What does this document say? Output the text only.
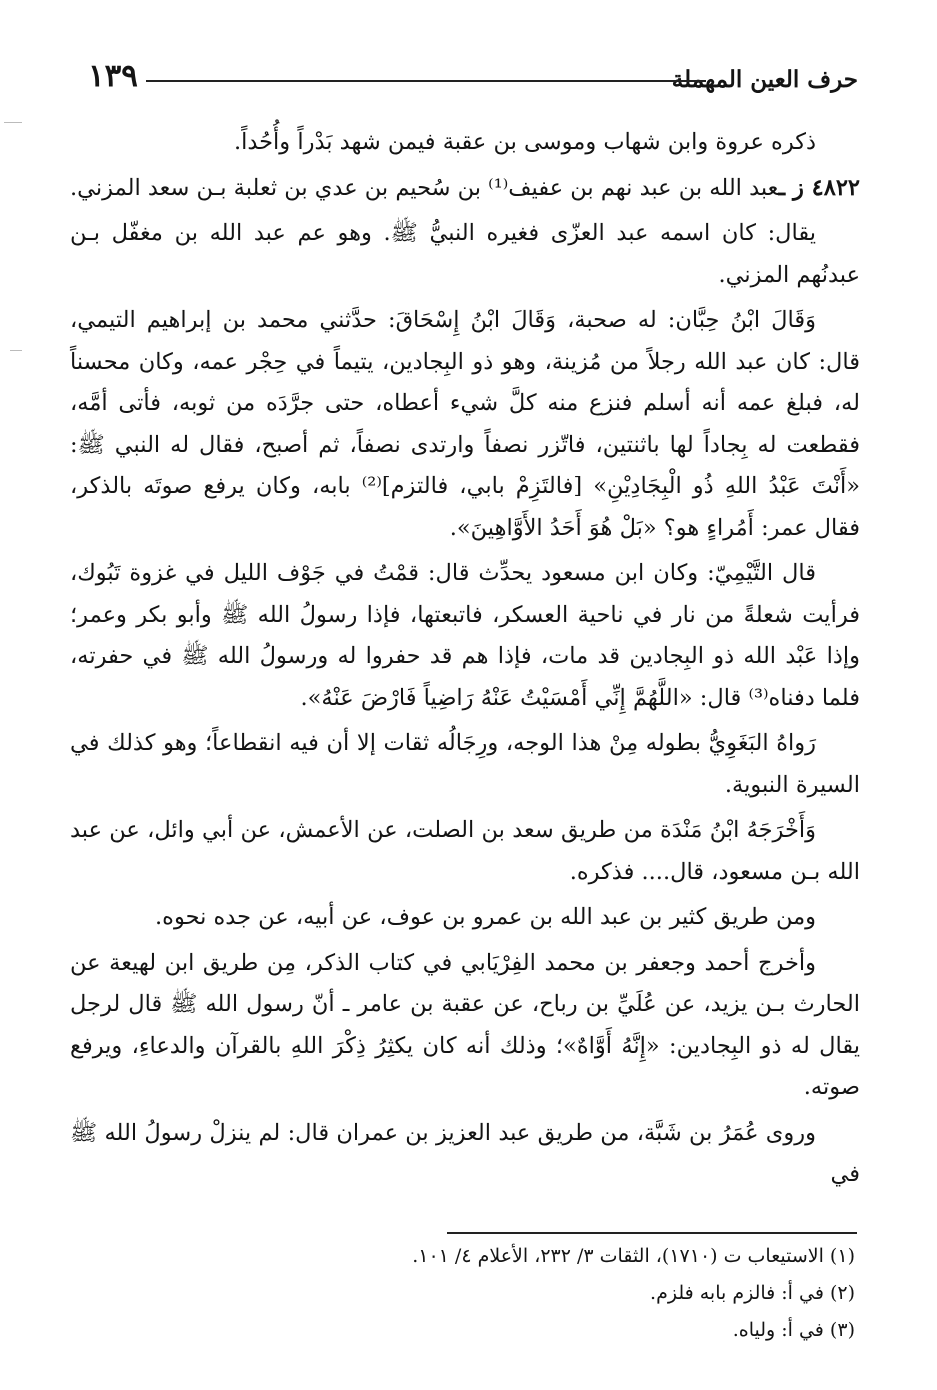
حرف العين المهملة
١٣٩

ذكره عروة وابن شهاب وموسى بن عقبة فيمن شهد بَدْراً وأُحُداً.

٤٨٢٢ ز ـعبد الله بن عبد نهم بن عفيف⁽¹⁾ بن سُحيم بن عدي بن ثعلبة بـن سعد المزني.

يقال: كان اسمه عبد العزّى فغيره النبيُّ ﷺ. وهو عم عبد الله بن مغفّل بـن عبدنُهم المزني.

وَقَالَ ابْنُ حِبَّان: له صحبة، وَقَالَ ابْنُ إِسْحَاقَ: حدَّثني محمد بن إبراهيم التيمي، قال: كان عبد الله رجلاً من مُزينة، وهو ذو البِجادين، يتيماً في حِجْر عمه، وكان محسناً له، فبلغ عمه أنه أسلم فنزع منه كلَّ شيء أعطاه، حتى جرَّدَه من ثوبه، فأتى أمَّه، فقطعت له بِجاداً لها باثنتين، فاتّزر نصفاً وارتدى نصفاً، ثم أصبح، فقال له النبي ﷺ: «أَنْتَ عَبْدُ اللهِ ذُو الْبِجَادِيْنِ» [فالتَزِمْ بابي، فالتزم]⁽²⁾ بابه، وكان يرفع صوتَه بالذكر، فقال عمر: أَمُراءٍ هو؟ «بَلْ هُوَ أَحَدُ الأَوَّاهِينَ».

قال التَّيْمِيّ: وكان ابن مسعود يحدِّث قال: قمْتُ في جَوْف الليل في غزوة تَبُوك، فرأيت شعلةً من نار في ناحية العسكر، فاتبعتها، فإذا رسولُ الله ﷺ وأبو بكر وعمر؛ وإذا عَبْد الله ذو البِجادين قد مات، فإذا هم قد حفروا له ورسولُ الله ﷺ في حفرته، فلما دفناه⁽³⁾ قال: «اللَّهُمَّ إِنِّي أَمْسَيْتُ عَنْهُ رَاضِياً فَارْضَ عَنْهُ».

رَواهُ البَغَوِيُّ بطوله مِنْ هذا الوجه، ورِجَالُه ثقات إلا أن فيه انقطاعاً؛ وهو كذلك في السيرة النبوية.

وَأَخْرَجَهُ ابْنُ مَنْدَة من طريق سعد بن الصلت، عن الأعمش، عن أبي وائل، عن عبد الله بـن مسعود، قال.... فذكره.

ومن طريق كثير بن عبد الله بن عمرو بن عوف، عن أبيه، عن جده نحوه.

وأخرج أحمد وجعفر بن محمد الفِرْيَابي في كتاب الذكر، مِن طريق ابن لهيعة عن الحارث بـن يزيد، عن عُلَيِّ بن رباح، عن عقبة بن عامر ـ أنّ رسول الله ﷺ قال لرجل يقال له ذو البِجادين: «إِنَّهُ أَوَّاهٌ»؛ وذلك أنه كان يكثِرُ ذِكْرَ اللهِ بالقرآن والدعاءِ، ويرفع صوته.

وروى عُمَرُ بن شَبَّة، من طريق عبد العزيز بن عمران قال: لم ينزلْ رسولُ الله ﷺ في

(١) الاستيعاب ت (١٧١٠)، الثقات ٣/ ٢٣٢، الأعلام ٤/ ١٠١.
(٢) في أ: فالزم بابه فلزم.
(٣) في أ: ولياه.
